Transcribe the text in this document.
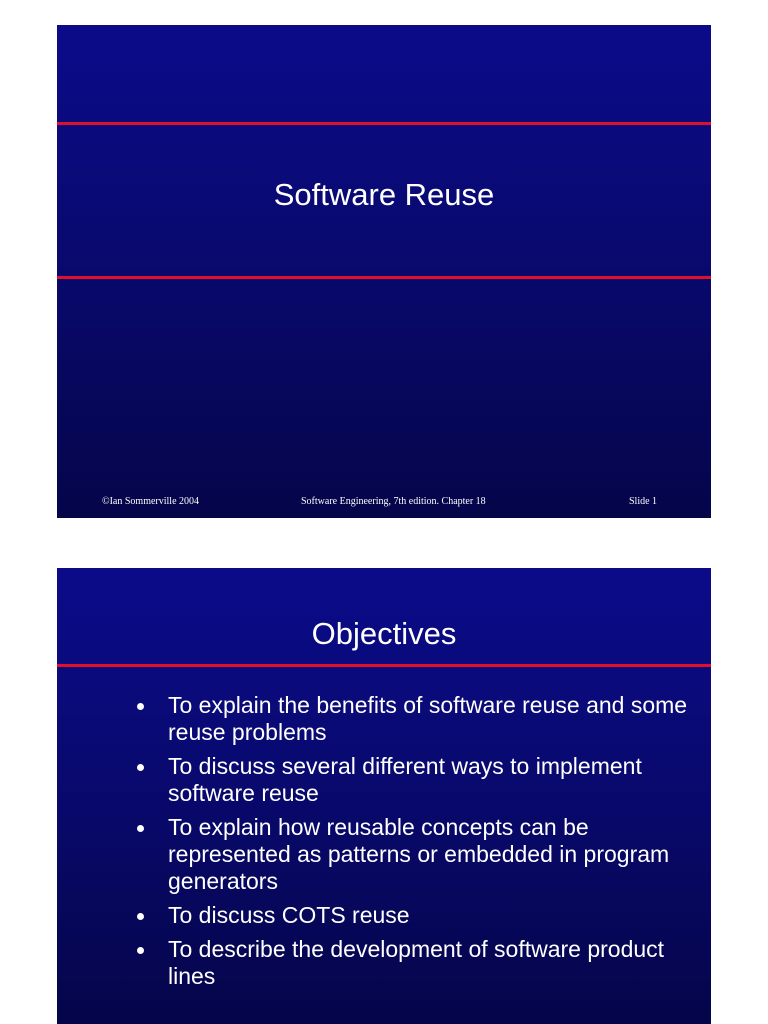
Software Reuse
©Ian Sommerville 2004	Software Engineering, 7th edition. Chapter 18	Slide 1
Objectives
To explain the benefits of software reuse and some reuse problems
To discuss several different ways to implement software reuse
To explain how reusable concepts can be represented as patterns or embedded in program generators
To discuss COTS reuse
To describe the development of software product lines
